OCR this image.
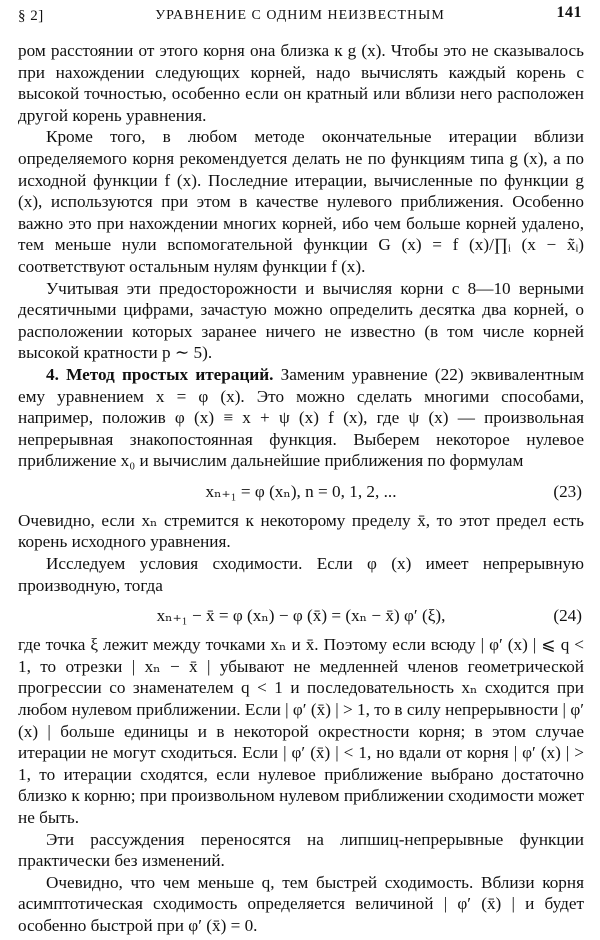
§ 2]	УРАВНЕНИЕ С ОДНИМ НЕИЗВЕСТНЫМ	141

ром расстоянии от этого корня она близка к g (x). Чтобы это не сказывалось при нахождении следующих корней, надо вычислять каждый корень с высокой точностью, особенно если он кратный или вблизи него расположен другой корень уравнения.

Кроме того, в любом методе окончательные итерации вблизи определяемого корня рекомендуется делать не по функциям типа g (x), а по исходной функции f (x). Последние итерации, вычисленные по функции g (x), используются при этом в качестве нулевого приближения. Особенно важно это при нахождении многих корней, ибо чем больше корней удалено, тем меньше нули вспомогательной функции G (x) = f (x)/∏ᵢ (x − x̃ᵢ) соответствуют остальным нулям функции f (x).

Учитывая эти предосторожности и вычисляя корни с 8—10 верными десятичными цифрами, зачастую можно определить десятка два корней, о расположении которых заранее ничего не известно (в том числе корней высокой кратности p ∼ 5).

4. Метод простых итераций. Заменим уравнение (22) эквивалентным ему уравнением x = φ (x). Это можно сделать многими способами, например, положив φ (x) ≡ x + ψ (x) f (x), где ψ (x) — произвольная непрерывная знакопостоянная функция. Выберем некоторое нулевое приближение x₀ и вычислим дальнейшие приближения по формулам

xₙ₊₁ = φ (xₙ), n = 0, 1, 2, ...	(23)

Очевидно, если xₙ стремится к некоторому пределу x̄, то этот предел есть корень исходного уравнения.

Исследуем условия сходимости. Если φ (x) имеет непрерывную производную, тогда

xₙ₊₁ − x̄ = φ (xₙ) − φ (x̄) = (xₙ − x̄) φ′ (ξ),	(24)

где точка ξ лежит между точками xₙ и x̄. Поэтому если всюду | φ′ (x) | ⩽ q < 1, то отрезки | xₙ − x̄ | убывают не медленней членов геометрической прогрессии со знаменателем q < 1 и последовательность xₙ сходится при любом нулевом приближении. Если | φ′ (x̄) | > 1, то в силу непрерывности | φ′ (x) | больше единицы и в некоторой окрестности корня; в этом случае итерации не могут сходиться. Если | φ′ (x̄) | < 1, но вдали от корня | φ′ (x) | > 1, то итерации сходятся, если нулевое приближение выбрано достаточно близко к корню; при произвольном нулевом приближении сходимости может не быть.

Эти рассуждения переносятся на липшиц-непрерывные функции практически без изменений.

Очевидно, что чем меньше q, тем быстрей сходимость. Вблизи корня асимптотическая сходимость определяется величиной | φ′ (x̄) | и будет особенно быстрой при φ′ (x̄) = 0.
